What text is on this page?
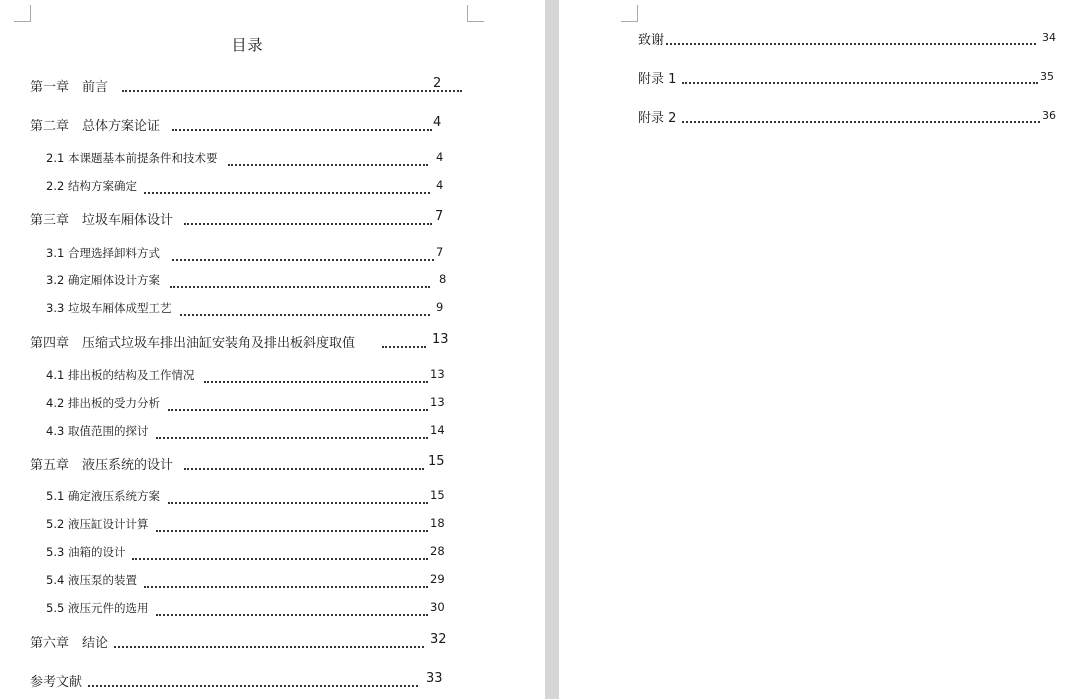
目录
第一章　前言	2
第二章　总体方案论证	4
2.1 本课题基本前提条件和技术要	4
2.2 结构方案确定	4
第三章　垃圾车厢体设计	7
3.1 合理选择卸料方式	7
3.2 确定厢体设计方案	8
3.3 垃圾车厢体成型工艺	9
第四章　压缩式垃圾车排出油缸安装角及排出板斜度取值	13
4.1 排出板的结构及工作情况	13
4.2 排出板的受力分析	13
4.3 取值范围的探讨	14
第五章　液压系统的设计	15
5.1 确定液压系统方案	15
5.2 液压缸设计计算	18
5.3 油箱的设计	28
5.4 液压泵的装置	29
5.5 液压元件的选用	30
第六章　结论	32
参考文献	33
致谢	34
附录 1	35
附录 2	36
